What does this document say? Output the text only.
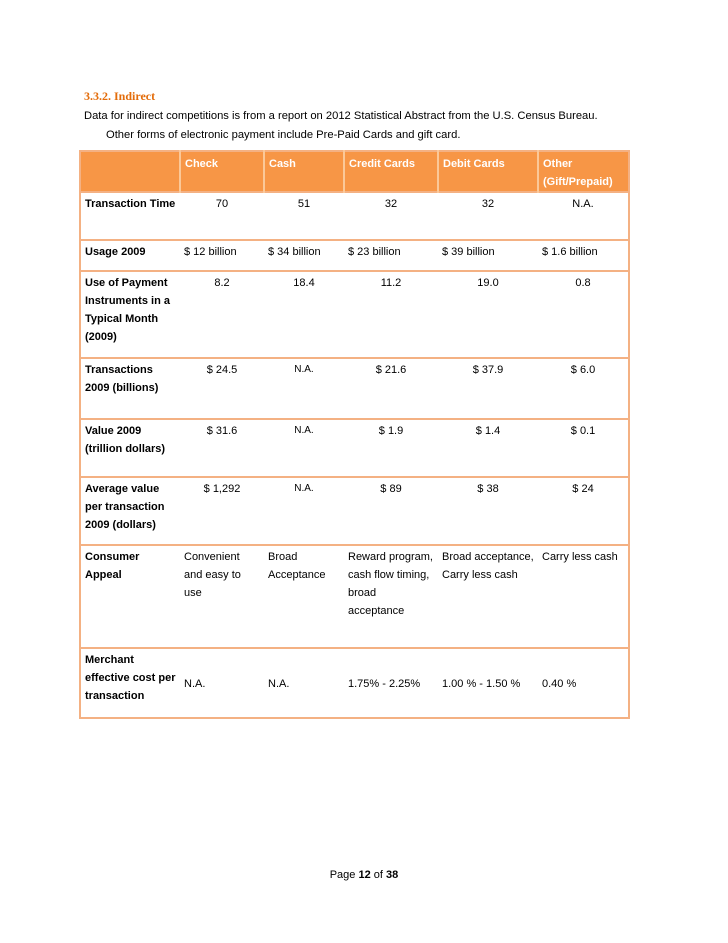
3.3.2. Indirect
Data for indirect competitions is from a report on 2012 Statistical Abstract from the U.S. Census Bureau.
Other forms of electronic payment include Pre-Paid Cards and gift card.
	Check	Cash	Credit Cards	Debit Cards	Other (Gift/Prepaid)
Transaction Time	70	51	32	32	N.A.
Usage 2009	$ 12 billion	$ 34 billion	$ 23 billion	$ 39 billion	$ 1.6 billion
Use of Payment Instruments in a Typical Month (2009)	8.2	18.4	11.2	19.0	0.8
Transactions 2009 (billions)	$ 24.5	N.A.	$ 21.6	$ 37.9	$ 6.0
Value 2009 (trillion dollars)	$ 31.6	N.A.	$ 1.9	$ 1.4	$ 0.1
Average value per transaction 2009 (dollars)	$ 1,292	N.A.	$ 89	$ 38	$ 24
Consumer Appeal	Convenient and easy to use	Broad Acceptance	Reward program, cash flow timing, broad acceptance	Broad acceptance, Carry less cash	Carry less cash
Merchant effective cost per transaction	N.A.	N.A.	1.75% - 2.25%	1.00 % - 1.50 %	0.40 %
Page 12 of 38
